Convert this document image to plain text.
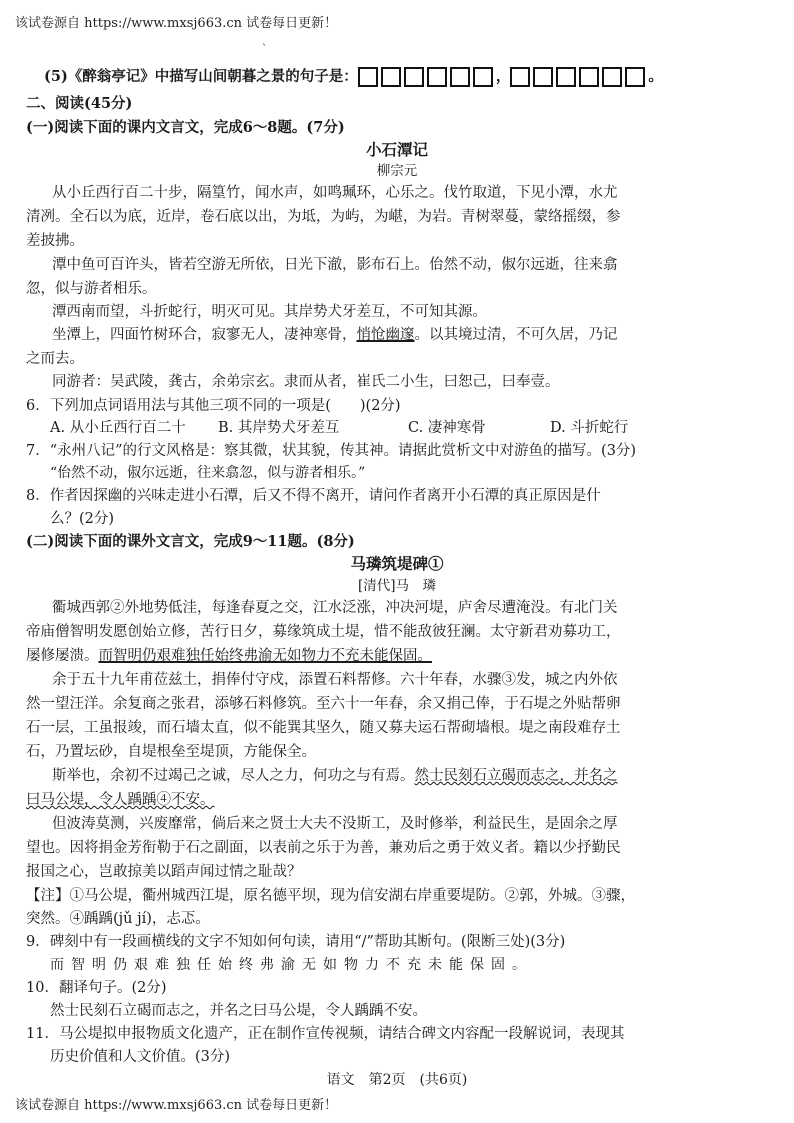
该试卷源自 https://www.mxsj663.cn 试卷每日更新！
ˋ
(5)《醉翁亭记》中描写山间朝暮之景的句子是：	，	。
二、阅读(45分)
(一)阅读下面的课内文言文，完成6～8题。(7分)
小石潭记
柳宗元
从小丘西行百二十步，隔篁竹，闻水声，如鸣珮环，心乐之。伐竹取道，下见小潭，水尤
清冽。全石以为底，近岸，卷石底以出，为坻，为屿，为嵁，为岩。青树翠蔓，蒙络摇缀，参
差披拂。
潭中鱼可百许头，皆若空游无所依，日光下澈，影布石上。佁然不动，俶尔远逝，往来翕
忽，似与游者相乐。
潭西南而望，斗折蛇行，明灭可见。其岸势犬牙差互，不可知其源。
坐潭上，四面竹树环合，寂寥无人，凄神寒骨，悄怆幽邃。以其境过清，不可久居，乃记
之而去。
同游者：吴武陵，龚古，余弟宗玄。隶而从者，崔氏二小生，曰恕己，曰奉壹。
6．下列加点词语用法与其他三项不同的一项是(　　)(2分)
A. 从小丘西行百二十 B. 其岸势犬牙差互	C. 凄神寒骨	D. 斗折蛇行
7．“永州八记”的行文风格是：察其微，状其貌，传其神。请据此赏析文中对游鱼的描写。(3分)
“佁然不动，俶尔远逝，往来翕忽，似与游者相乐。”
8．作者因探幽的兴味走进小石潭，后又不得不离开，请问作者离开小石潭的真正原因是什
么？(2分)
(二)阅读下面的课外文言文，完成9～11题。(8分)
马璘筑堤碑①
[清代]马　璘
衢城西郭②外地势低洼，每逢春夏之交，江水泛涨，冲决河堤，庐舍尽遭淹没。有北门关
帝庙僧智明发愿创始立修，苦行日夕，募缘筑成土堤，惜不能敌彼狂澜。太守新君劝募功工，
屡修屡溃。而智明仍艰难独任始终弗渝无如物力不充未能保固。
余于五十九年甫莅兹土，捐俸付守戍，添置石料帮修。六十年春，水骤③发，城之内外依
然一望汪洋。余复商之张君，添够石料修筑。至六十一年春，余又捐己俸，于石堤之外贴帮卵
石一层，工虽报竣，而石墙太直，似不能巽其坚久，随又募夫运石帮砌墙根。堤之南段难存土
石，乃置坛砂，自堤根垒至堤顶，方能保全。
斯举也，余初不过竭己之诚，尽人之力，何功之与有焉。然士民刻石立碣而志之，并名之
曰马公堤，令人踽踽④不安。
但波涛莫测，兴废靡常，倘后来之贤士大夫不没斯工，及时修举，利益民生，是固余之厚
望也。因将捐金芳衔勒于石之副面，以表前之乐于为善，兼劝后之勇于效义者。籍以少抒勤民
报国之心，岂敢掠美以蹈声闻过情之耻哉？
【注】①马公堤，衢州城西江堤，原名德平坝，现为信安湖右岸重要堤防。②郭，外城。③骤，
突然。④踽踽(jǔ jí)，忐忑。
9．碑刻中有一段画横线的文字不知如何句读，请用“/”帮助其断句。(限断三处)(3分)
而智明仍艰难独任始终弗渝无如物力不充未能保固。
10．翻译句子。(2分)
然士民刻石立碣而志之，并名之曰马公堤，令人踽踽不安。
11．马公堤拟申报物质文化遗产，正在制作宣传视频，请结合碑文内容配一段解说词，表现其
历史价值和人文价值。(3分)
语文　第2页　(共6页)
该试卷源自 https://www.mxsj663.cn 试卷每日更新！
